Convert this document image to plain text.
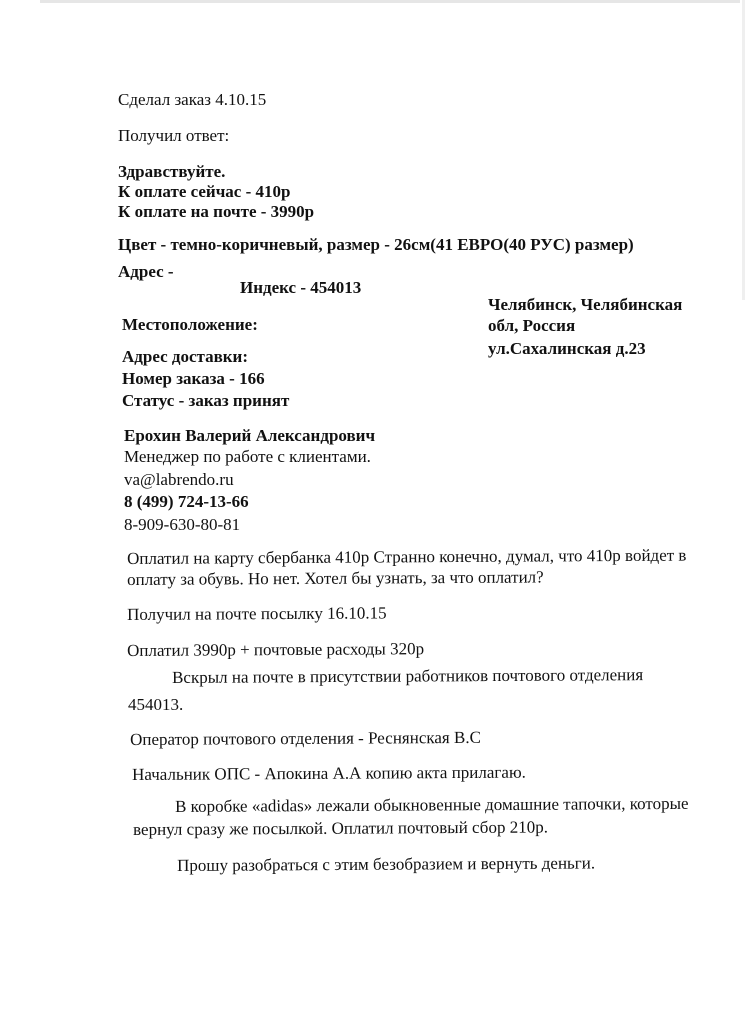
Сделал заказ 4.10.15
Получил ответ:
Здравствуйте.
К оплате сейчас - 410р
К оплате на почте - 3990р
Цвет - темно-коричневый, размер - 26см(41 ЕВРО(40 РУС) размер)
Адрес -
Индекс - 454013
Челябинск, Челябинская
обл, Россия
ул.Сахалинская д.23
Местоположение:
Адрес доставки:
Номер заказа - 166
Статус - заказ принят
Ерохин Валерий Александрович
Менеджер по работе с клиентами.
va@labrendo.ru
8 (499) 724-13-66
8-909-630-80-81
Оплатил на карту сбербанка 410р Странно конечно, думал, что 410р войдет в
оплату за обувь. Но нет. Хотел бы узнать, за что оплатил?
Получил на почте посылку 16.10.15
Оплатил 3990р + почтовые расходы 320р
Вскрыл на почте в присутствии работников почтового отделения
454013.
Оператор почтового отделения - Реснянская В.С
Начальник ОПС - Апокина А.А копию акта прилагаю.
В коробке «adidas» лежали обыкновенные домашние тапочки, которые
вернул сразу же посылкой. Оплатил почтовый сбор 210р.
Прошу разобраться с этим безобразием и вернуть деньги.
